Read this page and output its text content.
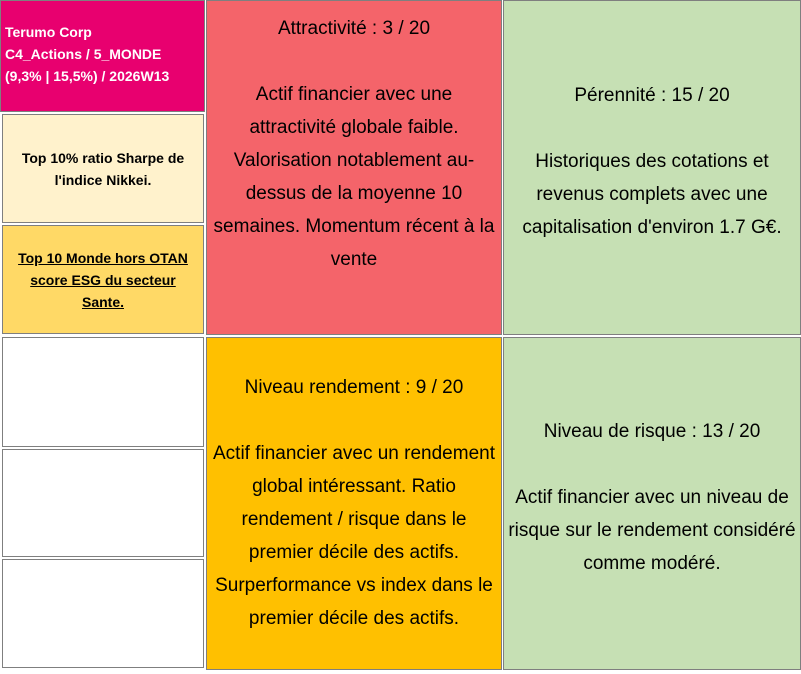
Terumo Corp
C4_Actions / 5_MONDE
(9,3% | 15,5%) / 2026W13
Top 10% ratio Sharpe de l'indice Nikkei.
Top 10 Monde hors OTAN score ESG du secteur Sante.
Attractivité : 3 / 20
Actif financier avec une attractivité globale faible. Valorisation notablement au-dessus de la moyenne 10 semaines. Momentum récent à la vente
Pérennité : 15 / 20
Historiques des cotations et revenus complets avec une capitalisation d'environ 1.7 G€.
Niveau rendement : 9 / 20
Actif financier avec un rendement global intéressant. Ratio rendement / risque dans le premier décile des actifs. Surperformance vs index dans le premier décile des actifs.
Niveau de risque : 13 / 20
Actif financier avec un niveau de risque sur le rendement considéré comme modéré.
